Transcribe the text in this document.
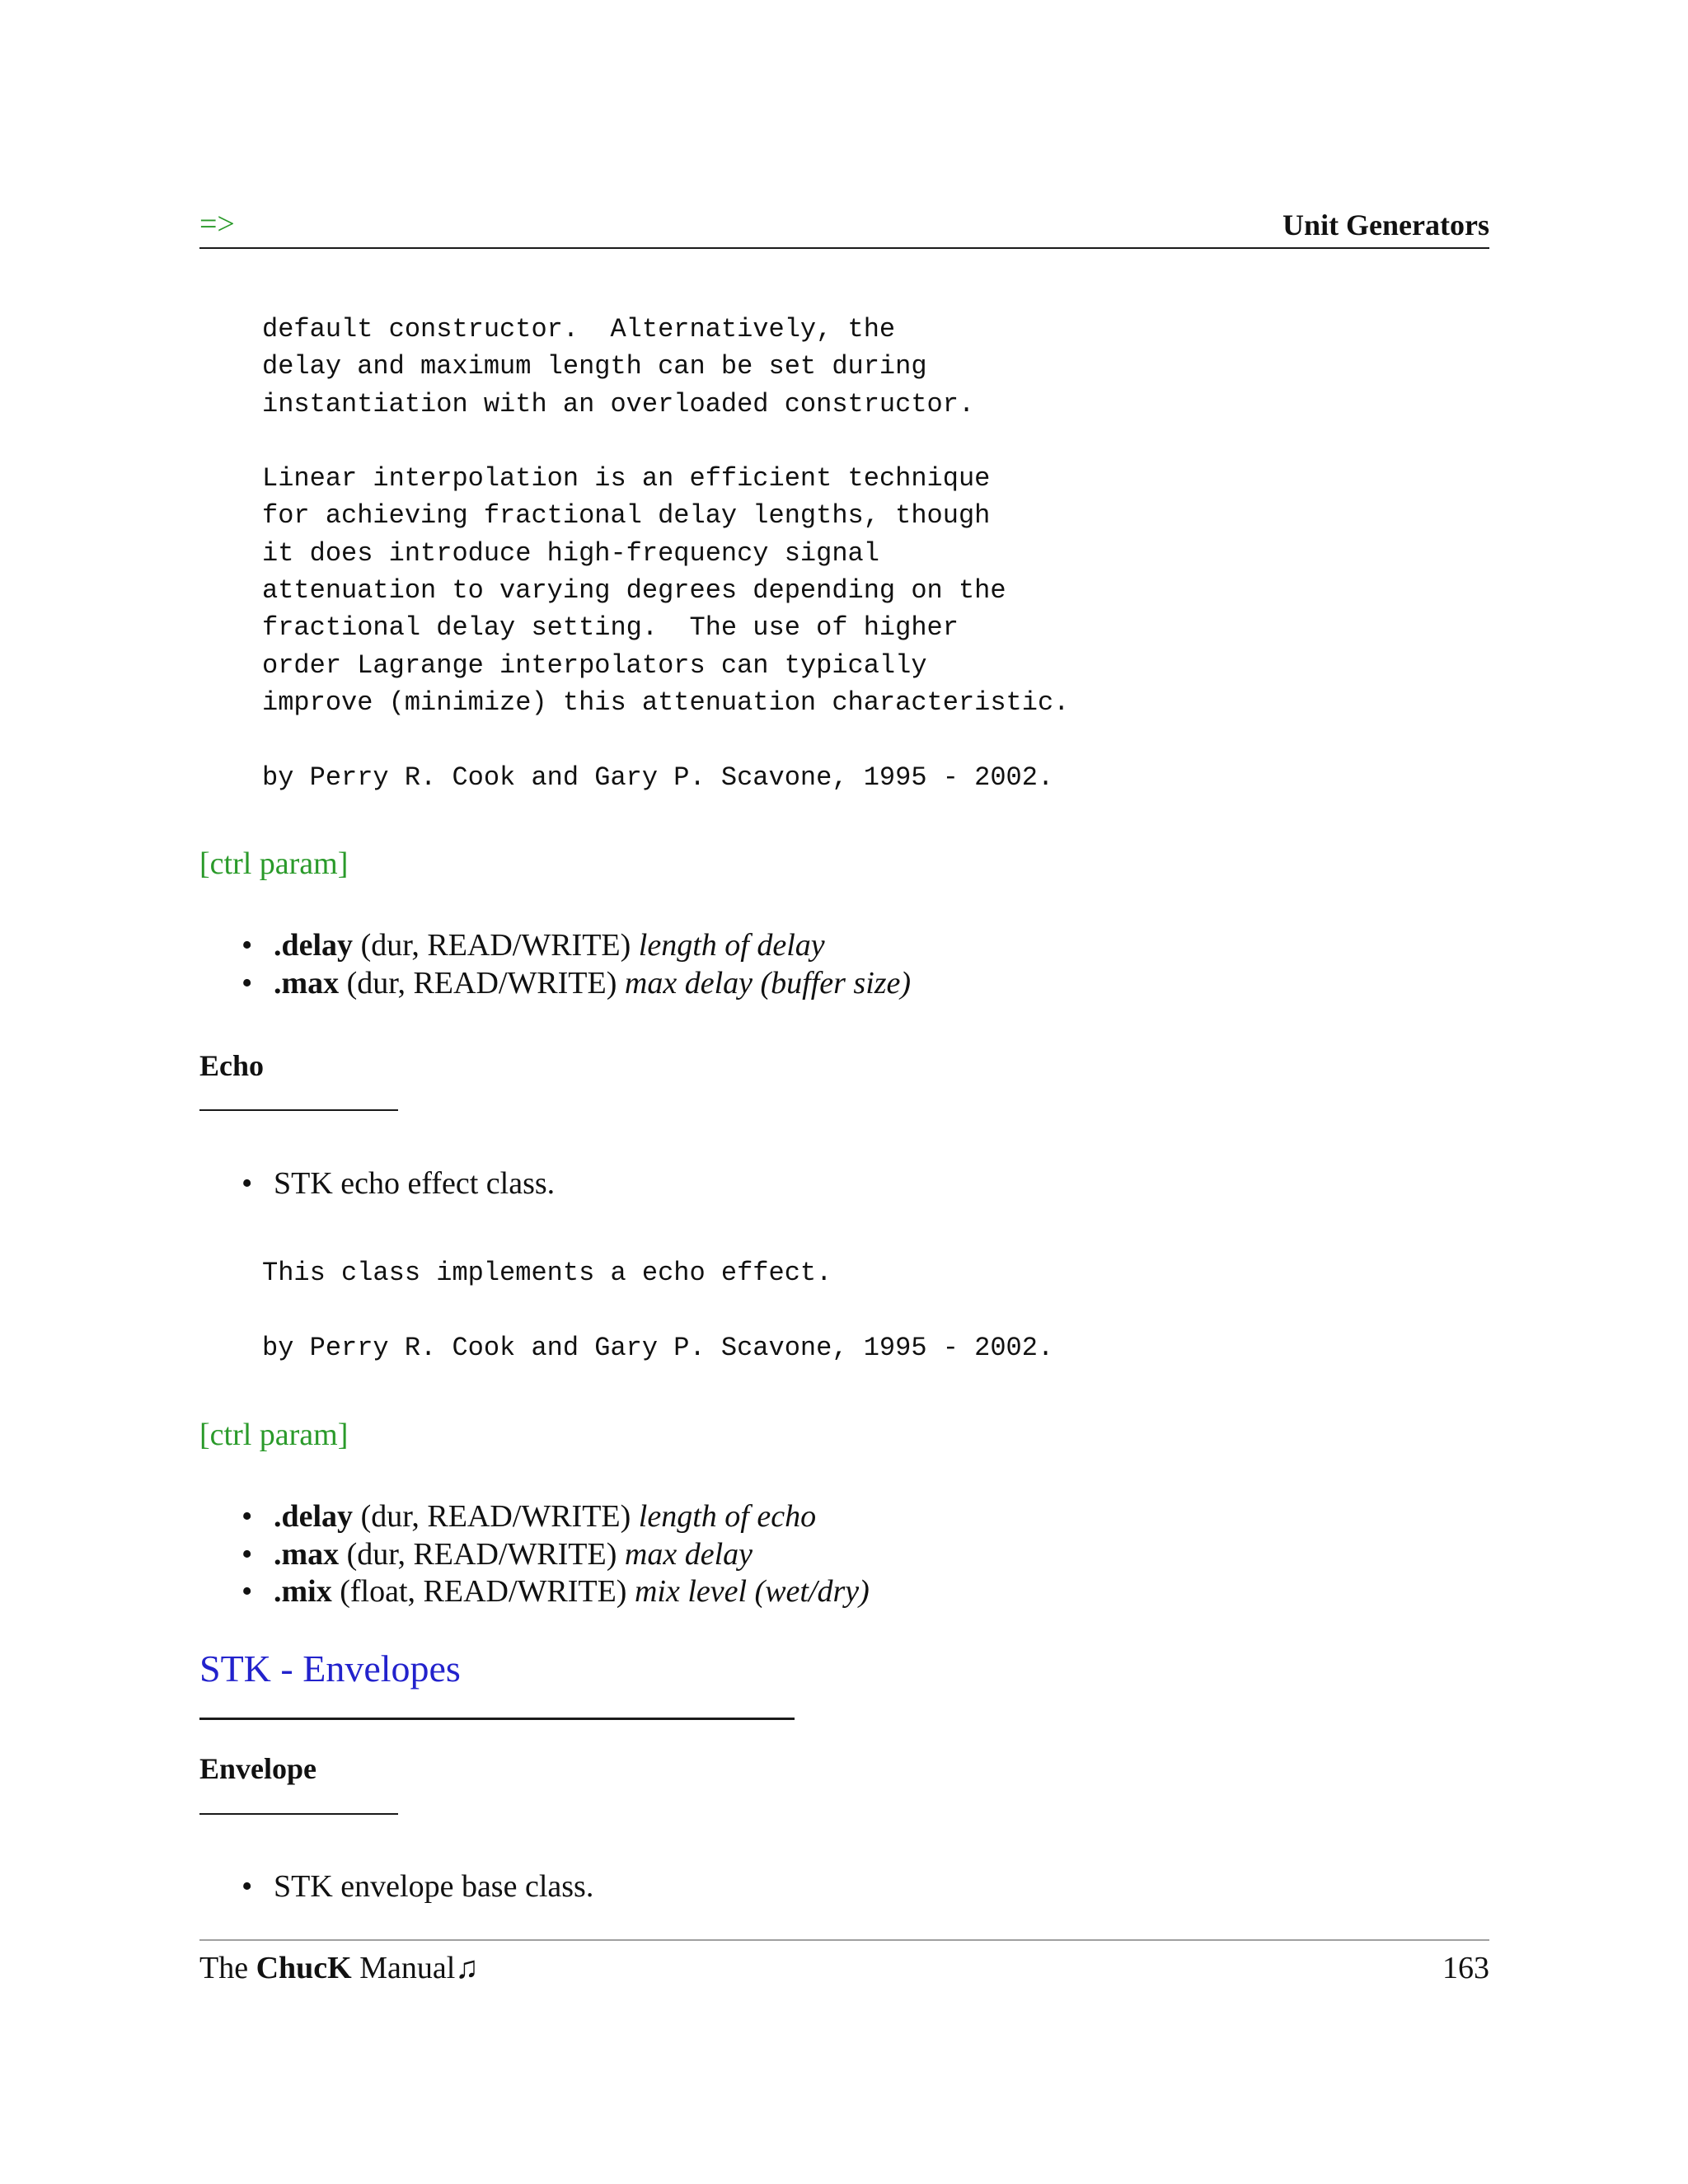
=>	Unit Generators
default constructor.  Alternatively, the
delay and maximum length can be set during
instantiation with an overloaded constructor.

Linear interpolation is an efficient technique
for achieving fractional delay lengths, though
it does introduce high-frequency signal
attenuation to varying degrees depending on the
fractional delay setting.  The use of higher
order Lagrange interpolators can typically
improve (minimize) this attenuation characteristic.

by Perry R. Cook and Gary P. Scavone, 1995 - 2002.
[ctrl param]
• .delay (dur, READ/WRITE) length of delay
• .max (dur, READ/WRITE) max delay (buffer size)
Echo
• STK echo effect class.
This class implements a echo effect.

by Perry R. Cook and Gary P. Scavone, 1995 - 2002.
[ctrl param]
• .delay (dur, READ/WRITE) length of echo
• .max (dur, READ/WRITE) max delay
• .mix (float, READ/WRITE) mix level (wet/dry)
STK - Envelopes
Envelope
• STK envelope base class.
The ChucK Manual♫	163
